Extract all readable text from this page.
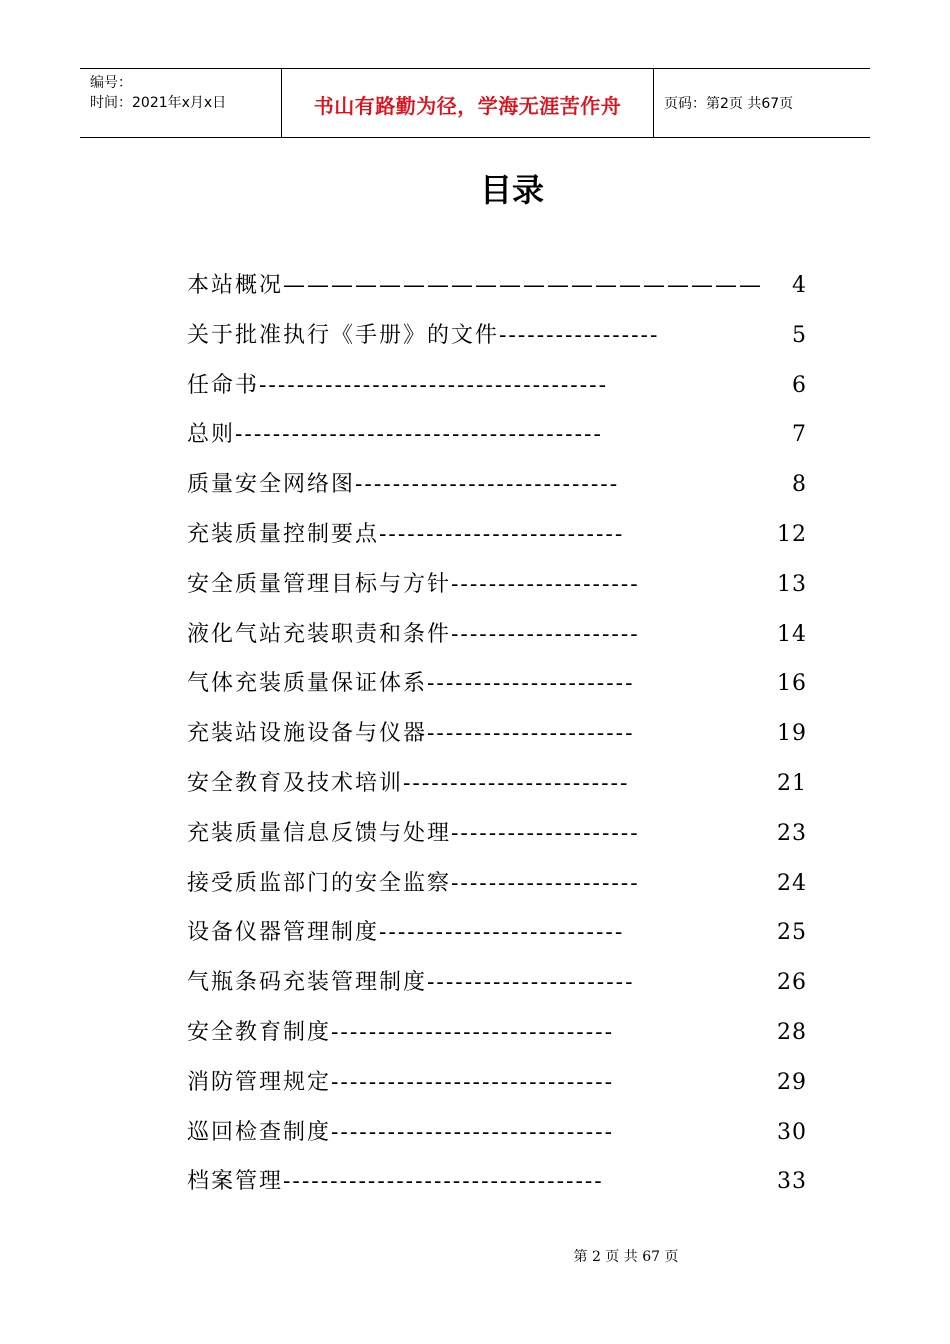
编号：
时间：2021年x月x日	书山有路勤为径，学海无涯苦作舟	页码：第2页 共67页
目录
本站概况———————————————————— 4
关于批准执行《手册》的文件-----------------	5
任命书-------------------------------------	6
总则---------------------------------------	7
质量安全网络图----------------------------	8
充装质量控制要点--------------------------	12
安全质量管理目标与方针--------------------	13
液化气站充装职责和条件--------------------	14
气体充装质量保证体系----------------------	16
充装站设施设备与仪器----------------------	19
安全教育及技术培训------------------------	21
充装质量信息反馈与处理--------------------	23
接受质监部门的安全监察--------------------	24
设备仪器管理制度--------------------------	25
气瓶条码充装管理制度----------------------	26
安全教育制度------------------------------	28
消防管理规定------------------------------	29
巡回检查制度------------------------------	30
档案管理----------------------------------	33
第 2 页 共 67 页
